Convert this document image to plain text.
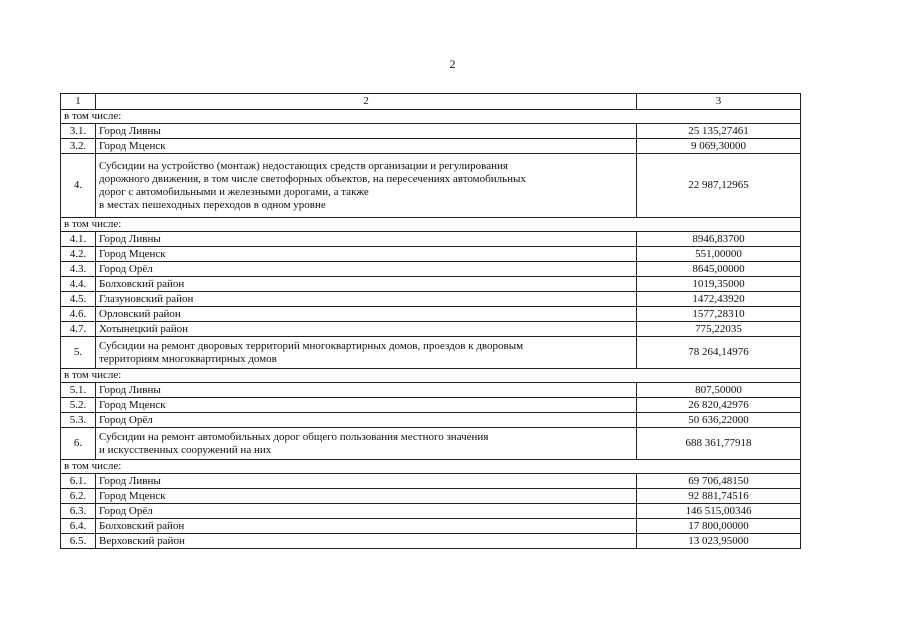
2
1	2	3
в том числе:		
3.1.	Город Ливны	25 135,27461
3.2.	Город Мценск	9 069,30000
4.	Субсидии на устройство (монтаж) недостающих средств организации и регулирования
дорожного движения, в том числе светофорных объектов, на пересечениях автомобильных
дорог с автомобильными и железными дорогами, а также
в местах пешеходных переходов в одном уровне	22 987,12965
в том числе:		
4.1.	Город Ливны	8946,83700
4.2.	Город Мценск	551,00000
4.3.	Город Орёл	8645,00000
4.4.	Болховский район	1019,35000
4.5.	Глазуновский район	1472,43920
4.6.	Орловский район	1577,28310
4.7.	Хотынецкий район	775,22035
5.	Субсидии на ремонт дворовых территорий многоквартирных домов, проездов к дворовым
территориям многоквартирных домов	78 264,14976
в том числе:		
5.1.	Город Ливны	807,50000
5.2.	Город Мценск	26 820,42976
5.3.	Город Орёл	50 636,22000
6.	Субсидии на ремонт автомобильных дорог общего пользования местного значения
и искусственных сооружений на них	688 361,77918
в том числе:		
6.1.	Город Ливны	69 706,48150
6.2.	Город Мценск	92 881,74516
6.3.	Город Орёл	146 515,00346
6.4.	Болховский район	17 800,00000
6.5.	Верховский район	13 023,95000
